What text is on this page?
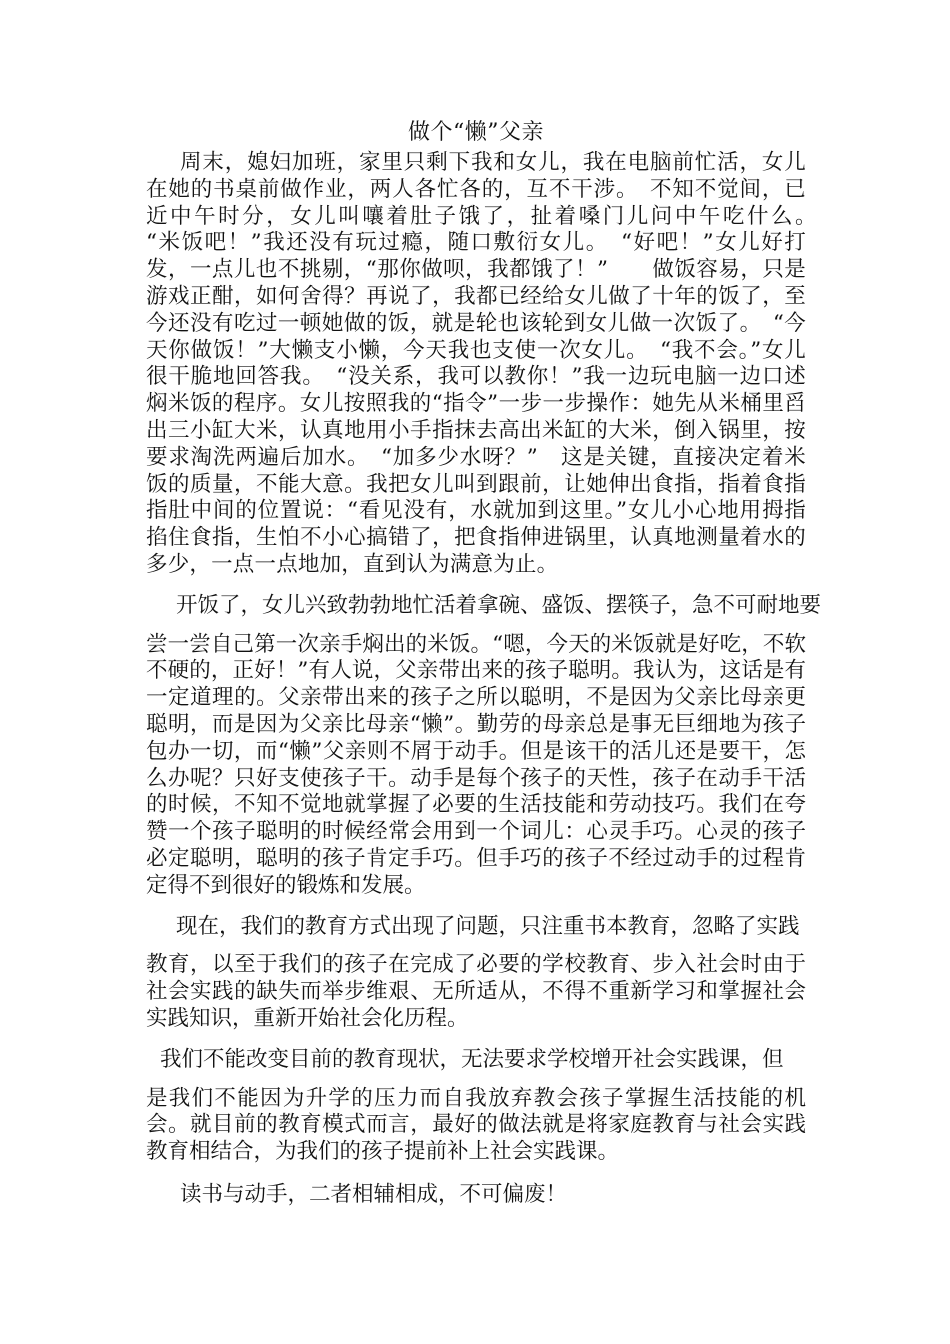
做个“懒”父亲

周末，媳妇加班，家里只剩下我和女儿，我在电脑前忙活，女儿在她的书桌前做作业，两人各忙各的，互不干涉。　不知不觉间，已近中午时分，女儿叫嚷着肚子饿了，扯着嗓门儿问中午吃什么。　　“米饭吧！”我还没有玩过瘾，随口敷衍女儿。　“好吧！”女儿好打发，一点儿也不挑剔，“那你做呗，我都饿了！”　　做饭容易，只是游戏正酣，如何舍得？再说了，我都已经给女儿做了十年的饭了，至今还没有吃过一顿她做的饭，就是轮也该轮到女儿做一次饭了。　“今天你做饭！”大懒支小懒，今天我也支使一次女儿。　“我不会。”女儿很干脆地回答我。　“没关系，我可以教你！”我一边玩电脑一边口述焖米饭的程序。女儿按照我的“指令”一步一步操作：她先从米桶里舀出三小缸大米，认真地用小手指抹去高出米缸的大米，倒入锅里，按要求淘洗两遍后加水。　“加多少水呀？”　这是关键，直接决定着米饭的质量，不能大意。我把女儿叫到跟前，让她伸出食指，指着食指指肚中间的位置说：“看见没有，水就加到这里。”女儿小心地用拇指掐住食指，生怕不小心搞错了，把食指伸进锅里，认真地测量着水的多少，一点一点地加，直到认为满意为止。

开饭了，女儿兴致勃勃地忙活着拿碗、盛饭、摆筷子，急不可耐地要
尝一尝自己第一次亲手焖出的米饭。“嗯，今天的米饭就是好吃，不软不硬的，正好！”有人说，父亲带出来的孩子聪明。我认为，这话是有一定道理的。父亲带出来的孩子之所以聪明，不是因为父亲比母亲更聪明，而是因为父亲比母亲“懒”。勤劳的母亲总是事无巨细地为孩子包办一切，而“懒”父亲则不屑于动手。但是该干的活儿还是要干，怎么办呢？只好支使孩子干。动手是每个孩子的天性，孩子在动手干活的时候，不知不觉地就掌握了必要的生活技能和劳动技巧。我们在夸赞一个孩子聪明的时候经常会用到一个词儿：心灵手巧。心灵的孩子必定聪明，聪明的孩子肯定手巧。但手巧的孩子不经过动手的过程肯定得不到很好的锻炼和发展。
现在，我们的教育方式出现了问题，只注重书本教育，忽略了实践
教育，以至于我们的孩子在完成了必要的学校教育、步入社会时由于社会实践的缺失而举步维艰、无所适从，不得不重新学习和掌握社会实践知识，重新开始社会化历程。
我们不能改变目前的教育现状，无法要求学校增开社会实践课，但
是我们不能因为升学的压力而自我放弃教会孩子掌握生活技能的机会。就目前的教育模式而言，最好的做法就是将家庭教育与社会实践教育相结合，为我们的孩子提前补上社会实践课。

读书与动手，二者相辅相成，不可偏废！
